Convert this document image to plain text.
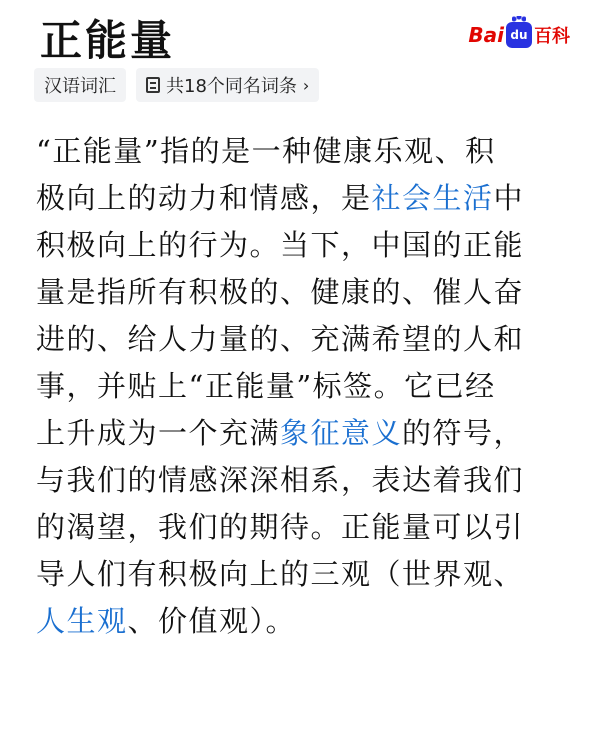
正能量	Bai du 百科
汉语词汇	共18个同名词条 ›
“正能量”指的是一种健康乐观、积
极向上的动力和情感，是社会生活中
积极向上的行为。当下，中国的正能
量是指所有积极的、健康的、催人奋
进的、给人力量的、充满希望的人和
事，并贴上“正能量”标签。它已经
上升成为一个充满象征意义的符号，
与我们的情感深深相系，表达着我们
的渴望，我们的期待。正能量可以引
导人们有积极向上的三观（世界观、
人生观、价值观）。
